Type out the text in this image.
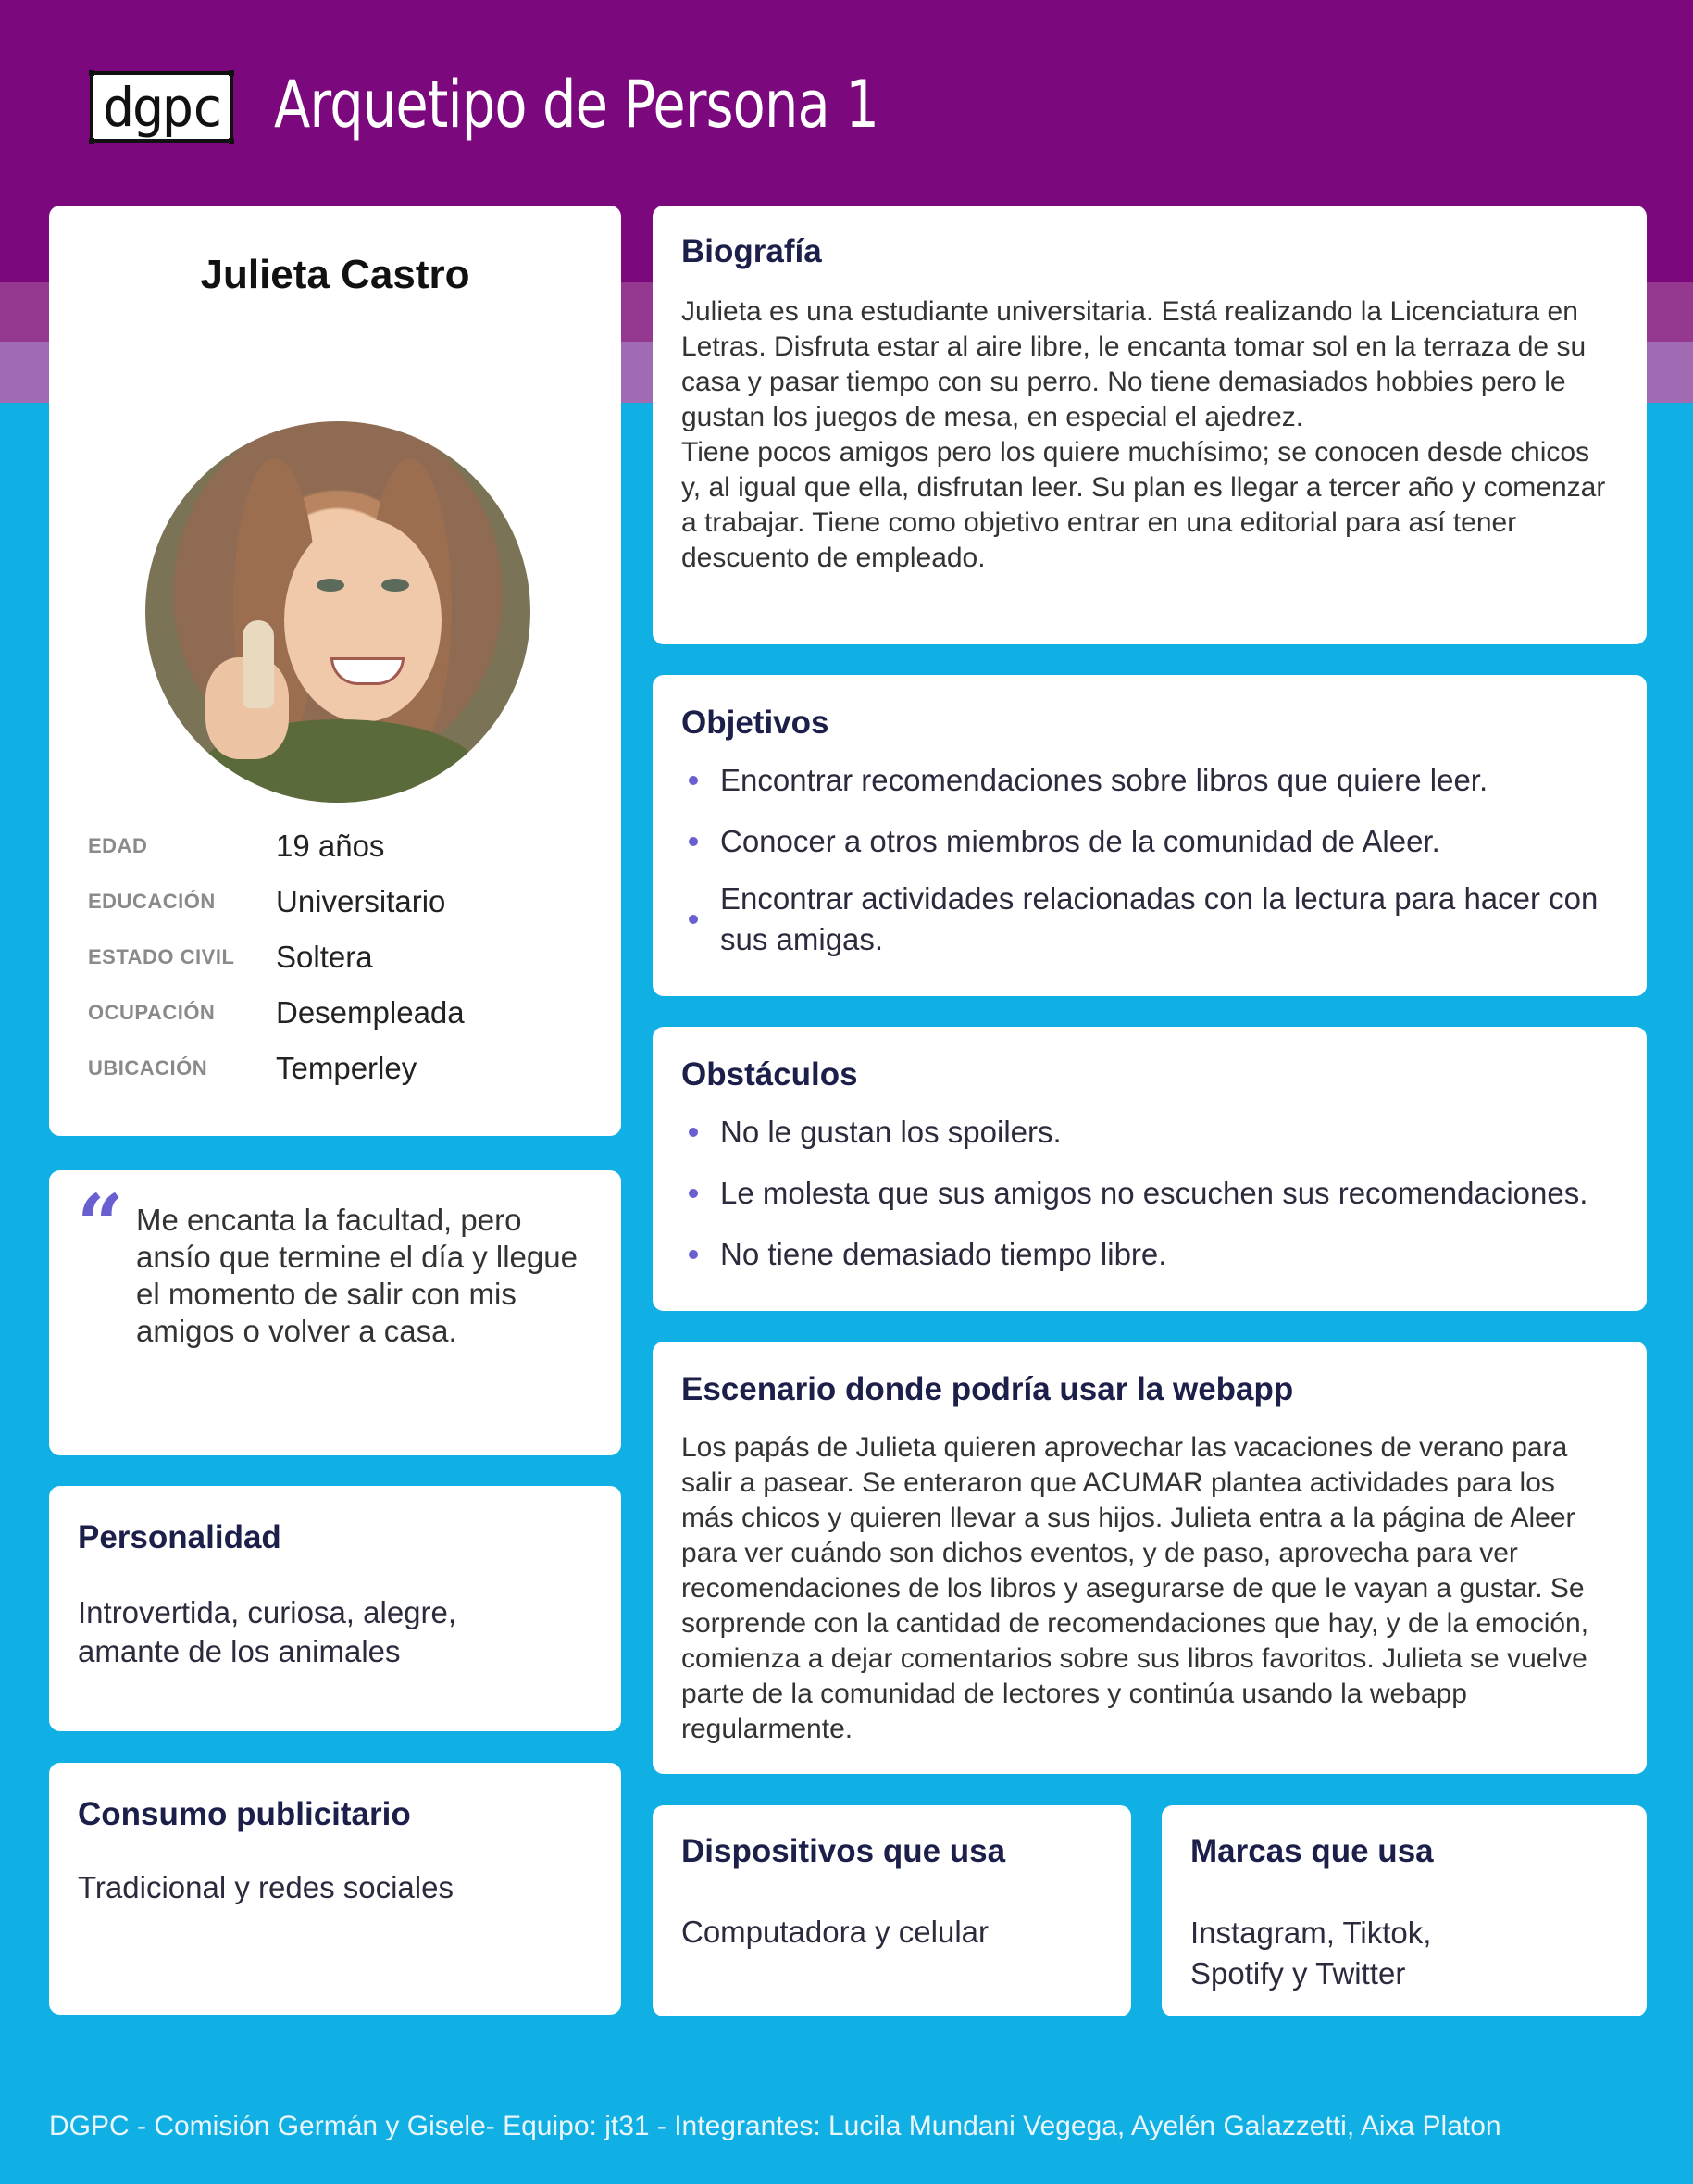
dgpc Arquetipo de Persona 1
Julieta Castro
EDAD	19 años
EDUCACIÓN Universitario
ESTADO CIVIL Soltera
OCUPACIÓN Desempleada
UBICACIÓN Temperley
“ Me encanta la facultad, pero ansío que termine el día y llegue el momento de salir con mis amigos o volver a casa.
Personalidad
Introvertida, curiosa, alegre, amante de los animales
Consumo publicitario
Tradicional y redes sociales
Biografía
Julieta es una estudiante universitaria. Está realizando la Licenciatura en Letras. Disfruta estar al aire libre, le encanta tomar sol en la terraza de su casa y pasar tiempo con su perro. No tiene demasiados hobbies pero le gustan los juegos de mesa, en especial el ajedrez.
Tiene pocos amigos pero los quiere muchísimo; se conocen desde chicos y, al igual que ella, disfrutan leer. Su plan es llegar a tercer año y comenzar a trabajar. Tiene como objetivo entrar en una editorial para así tener descuento de empleado.
Objetivos
Encontrar recomendaciones sobre libros que quiere leer.
Conocer a otros miembros de la comunidad de Aleer.
Encontrar actividades relacionadas con la lectura para hacer con sus amigas.
Obstáculos
No le gustan los spoilers.
Le molesta que sus amigos no escuchen sus recomendaciones.
No tiene demasiado tiempo libre.
Escenario donde podría usar la webapp
Los papás de Julieta quieren aprovechar las vacaciones de verano para salir a pasear. Se enteraron que ACUMAR plantea actividades para los más chicos y quieren llevar a sus hijos. Julieta entra a la página de Aleer para ver cuándo son dichos eventos, y de paso, aprovecha para ver recomendaciones de los libros y asegurarse de que le vayan a gustar. Se sorprende con la cantidad de recomendaciones que hay, y de la emoción, comienza a dejar comentarios sobre sus libros favoritos. Julieta se vuelve parte de la comunidad de lectores y continúa usando la webapp regularmente.
Dispositivos que usa
Computadora y celular
Marcas que usa
Instagram, Tiktok, Spotify y Twitter
DGPC - Comisión Germán y Gisele- Equipo: jt31 - Integrantes: Lucila Mundani Vegega, Ayelén Galazzetti, Aixa Platon
